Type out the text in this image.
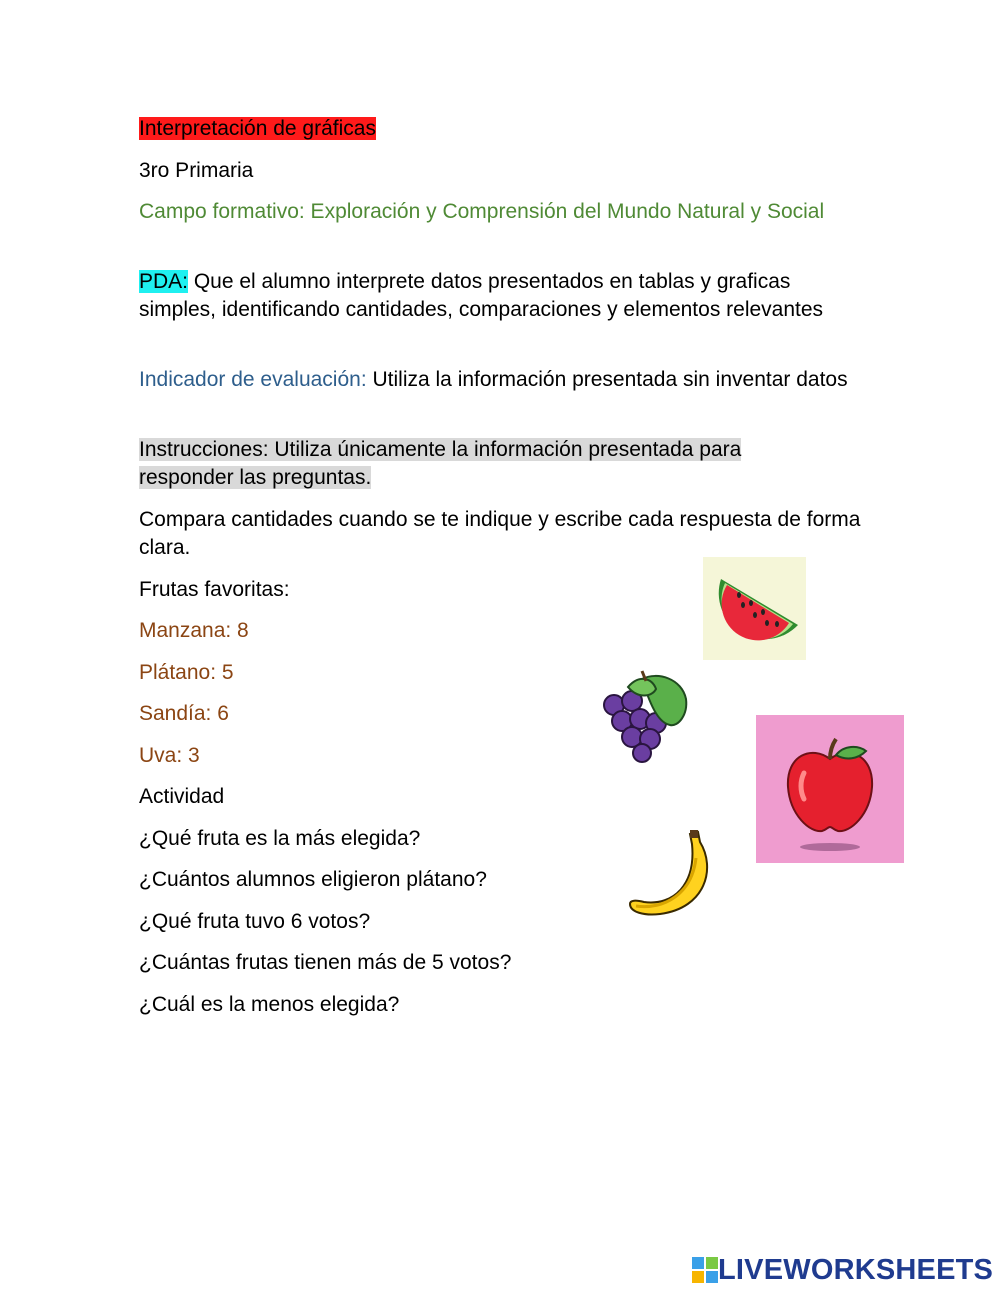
Interpretación de gráficas
3ro Primaria
Campo formativo: Exploración y Comprensión del Mundo Natural y Social
PDA: Que el alumno interprete datos presentados en tablas y graficas simples, identificando cantidades, comparaciones y elementos relevantes
Indicador de evaluación: Utiliza la información presentada sin inventar datos
Instrucciones: Utiliza únicamente la información presentada para responder las preguntas.
Compara cantidades cuando se te indique y escribe cada respuesta de forma clara.
Frutas favoritas:
Manzana: 8
Plátano: 5
Sandía: 6
Uva: 3
Actividad
¿Qué fruta es la más elegida?
¿Cuántos alumnos eligieron plátano?
¿Qué fruta tuvo 6 votos?
¿Cuántas frutas tienen más de 5 votos?
¿Cuál es la menos elegida?
LIVEWORKSHEETS
